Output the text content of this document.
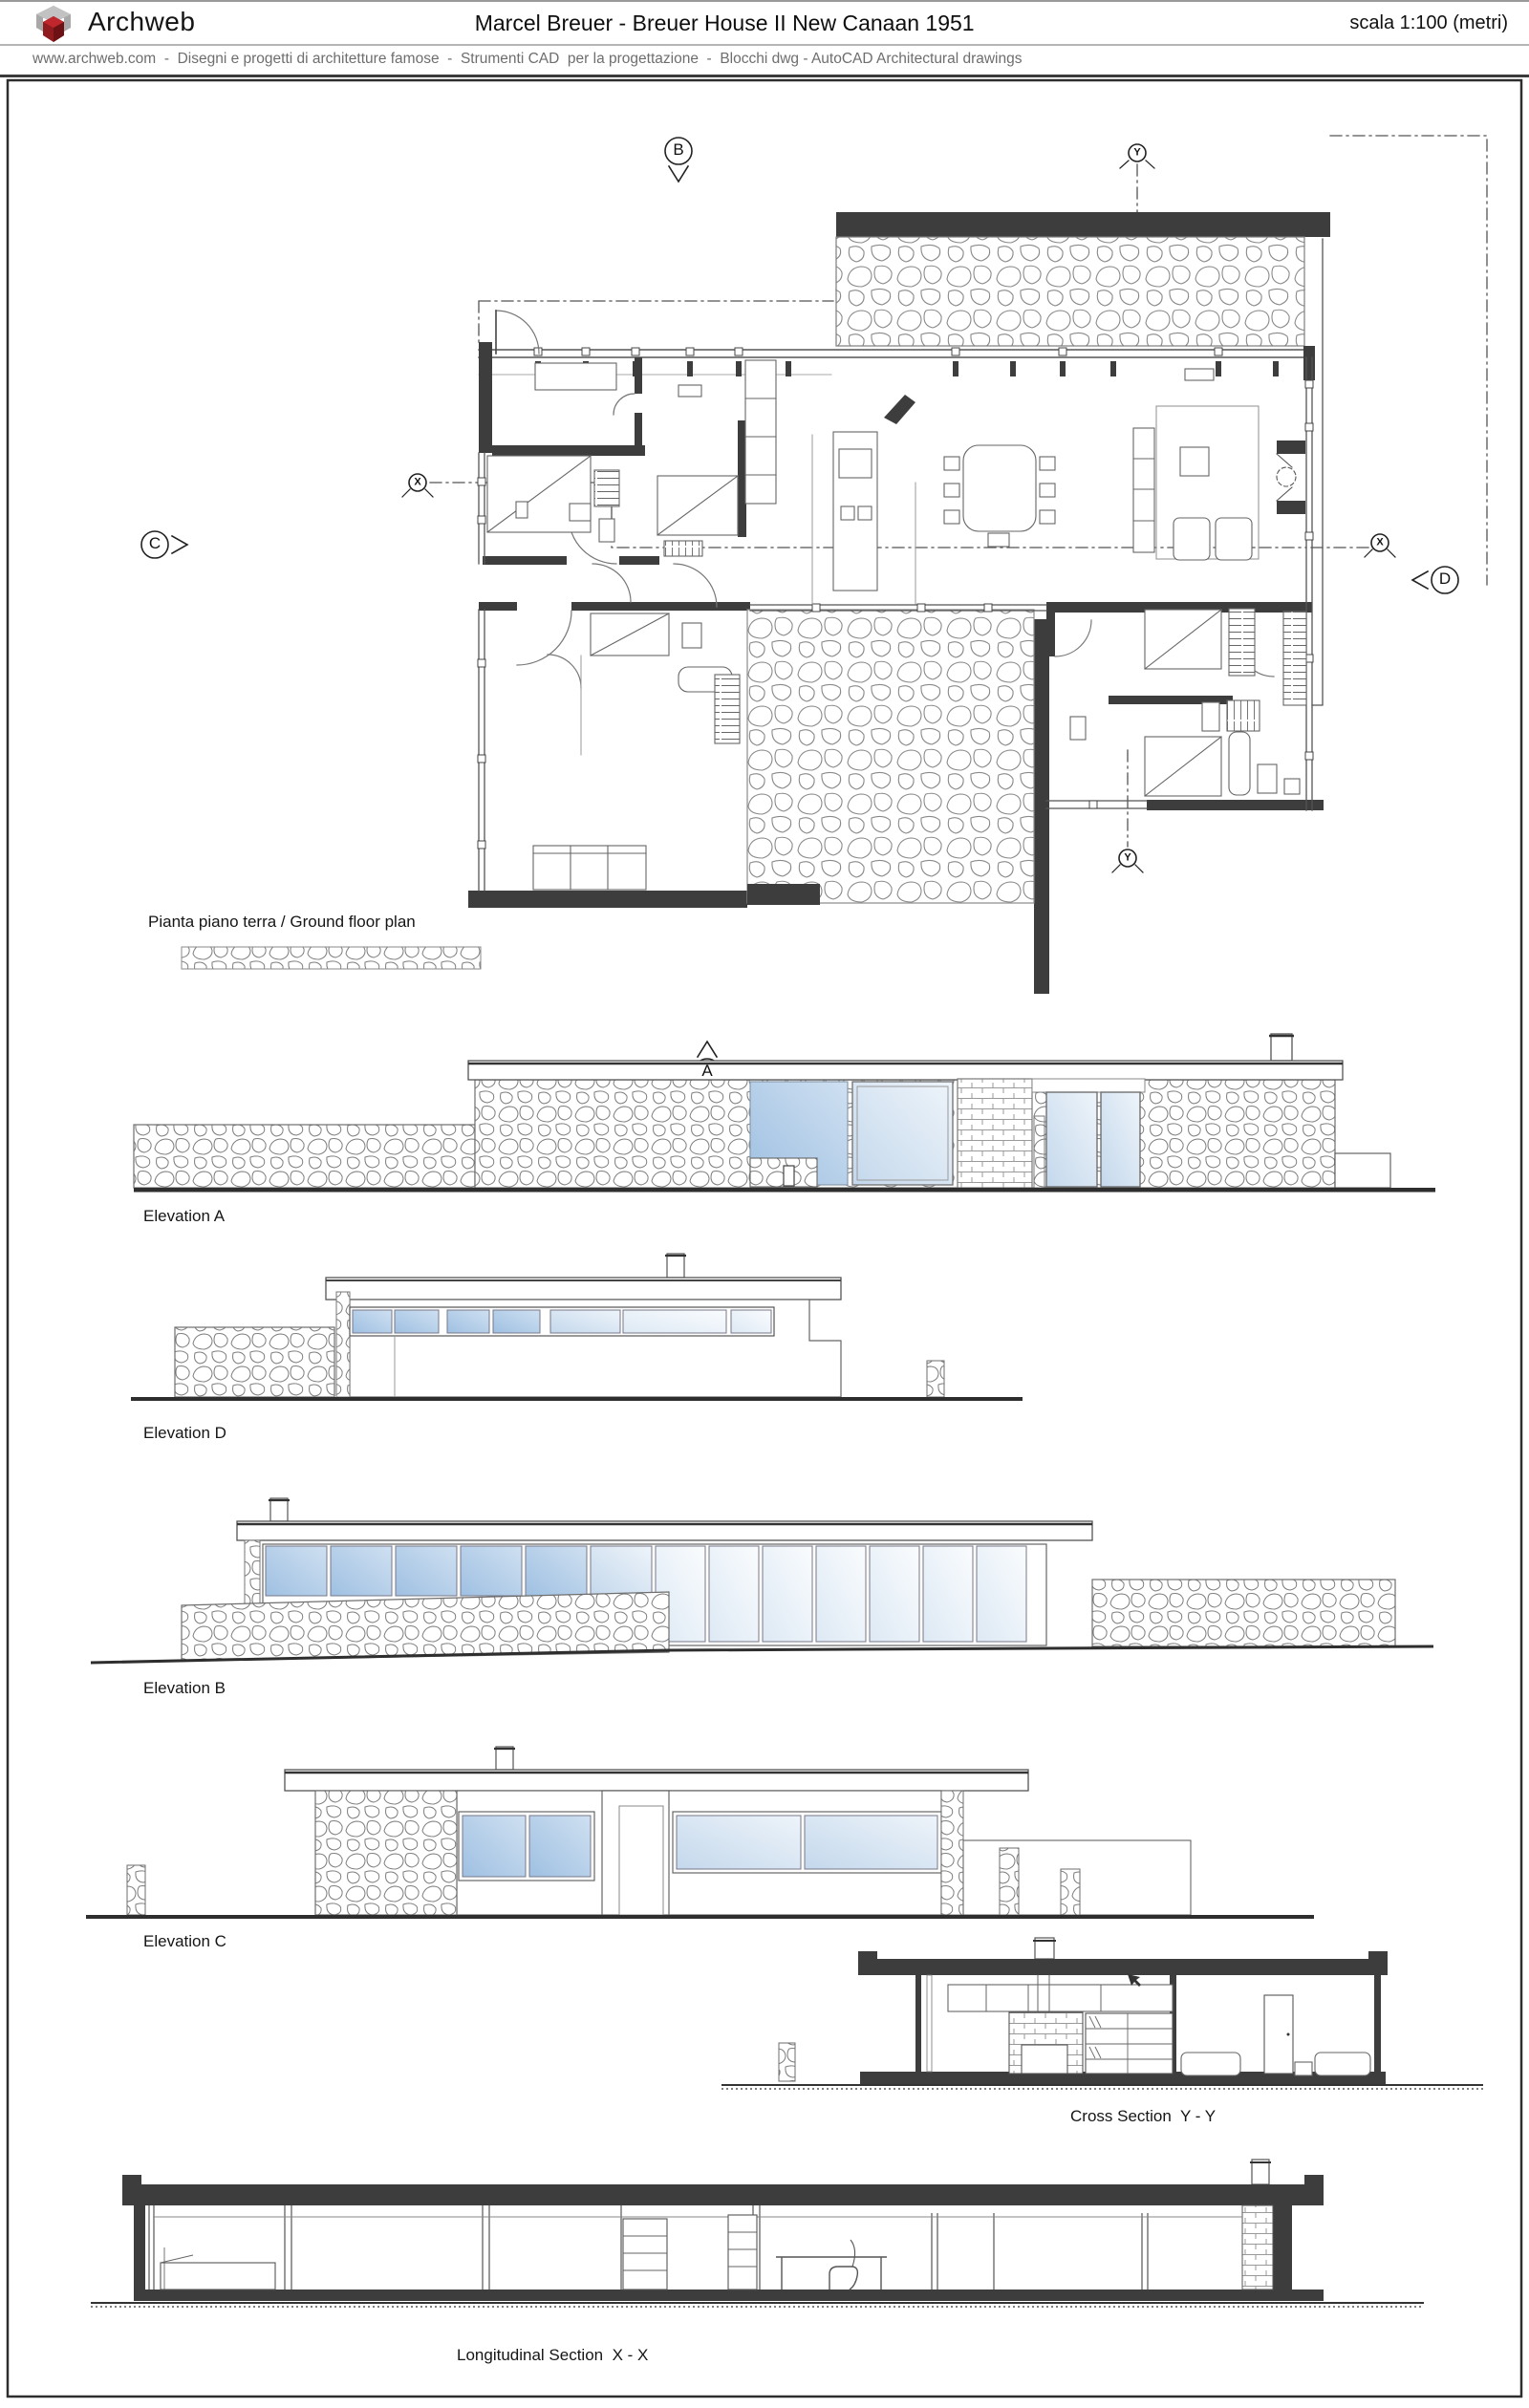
Archweb	Marcel Breuer - Breuer House II New Canaan 1951	scala 1:100 (metri)
www.archweb.com  -  Disegni e progetti di architetture famose  -  Strumenti CAD  per la progettazione  -  Blocchi dwg - AutoCAD Architectural drawings
Pianta piano terra / Ground floor plan
Elevation A
Elevation D
Elevation B
Elevation C
Cross Section  Y - Y
Longitudinal Section  X - X
B	Y
C
D
A
X
X
Y
